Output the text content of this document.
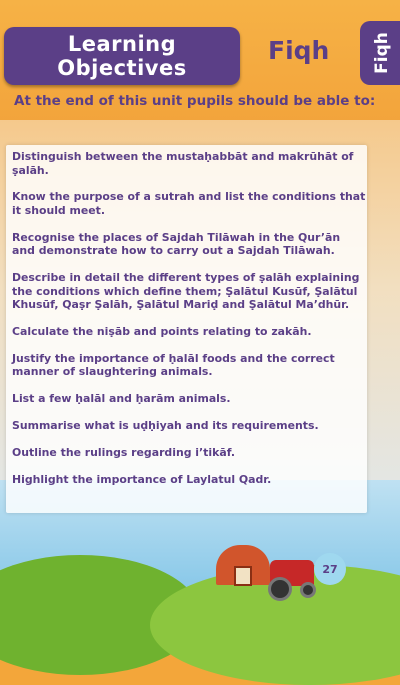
Learning
Objectives
Fiqh	Fiqh
At the end of this unit pupils should be able to:
Distinguish between the mustaḥabbāt and makrūhāt of ṣalāh.
Know the purpose of a sutrah and list the conditions that it should meet.
Recognise the places of Sajdah Tilāwah in the Qur’ān and demonstrate how to carry out a Sajdah Tilāwah.
Describe in detail the different types of ṣalāh explaining the conditions which define them; Ṣalātul Kusūf, Ṣalātul Khusūf, Qaṣr Ṣalāh, Ṣalātul Mariḍ and Ṣalātul Ma’dhūr.
Calculate the niṣāb and points relating to zakāh.
Justify the importance of ḥalāl foods and the correct manner of slaughtering animals.
List a few ḥalāl and ḥarām animals.
Summarise what is uḍḥiyah and its requirements.
Outline the rulings regarding i’tikāf.
Highlight the importance of Laylatul Qadr.
27
